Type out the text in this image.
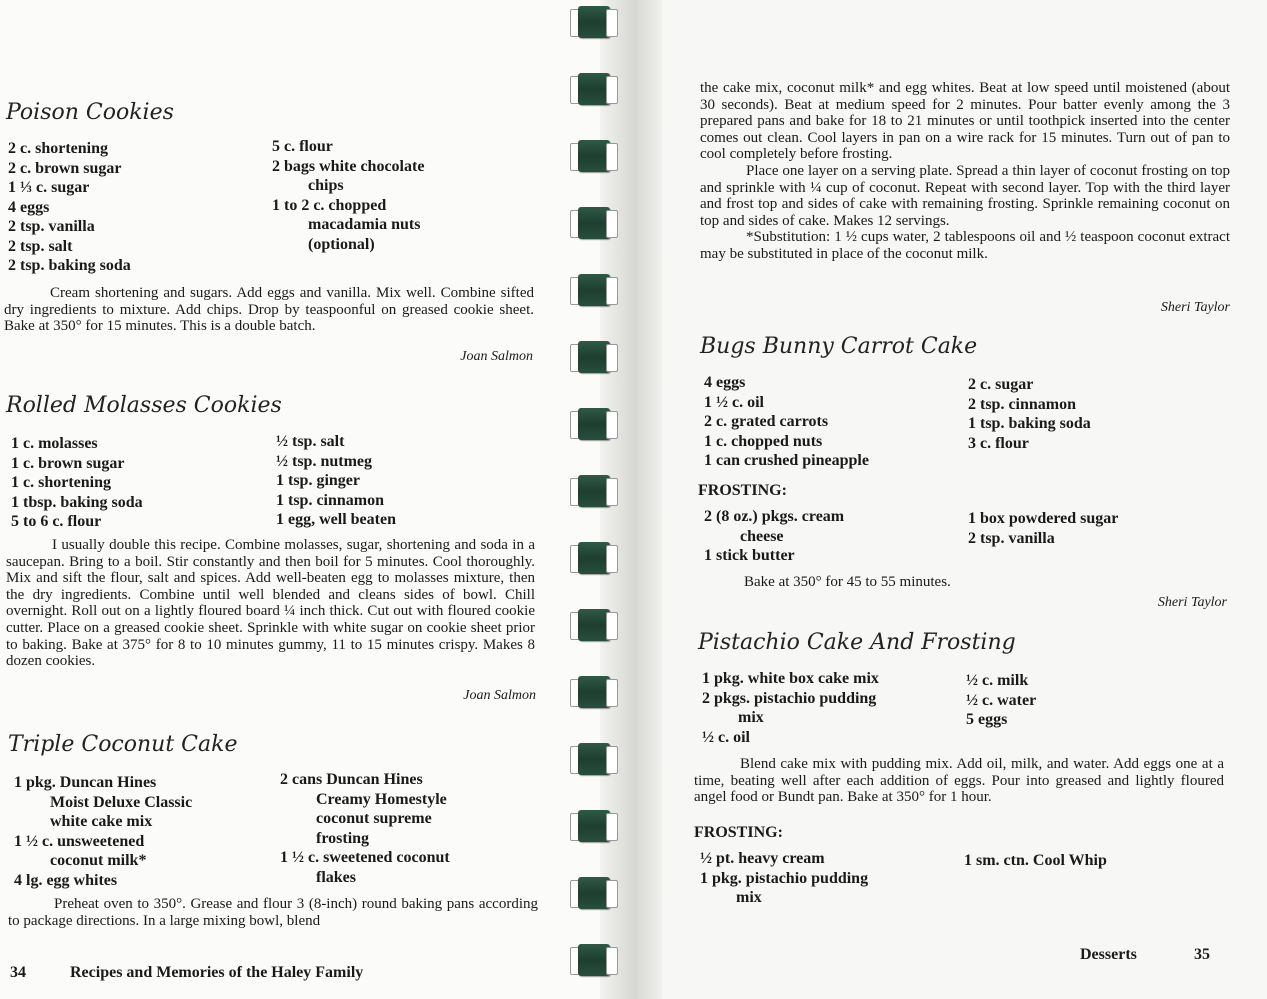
Poison Cookies
2 c. shortening
2 c. brown sugar
1 ⅓ c. sugar
4 eggs
2 tsp. vanilla
2 tsp. salt
2 tsp. baking soda
5 c. flour
2 bags white chocolate
chips
1 to 2 c. chopped
macadamia nuts
(optional)

Cream shortening and sugars. Add eggs and vanilla. Mix well. Combine sifted dry ingredients to mixture. Add chips. Drop by teaspoonful on greased cookie sheet. Bake at 350° for 15 minutes. This is a double batch.

Joan Salmon
Rolled Molasses Cookies
1 c. molasses
1 c. brown sugar
1 c. shortening
1 tbsp. baking soda
5 to 6 c. flour
½ tsp. salt
½ tsp. nutmeg
1 tsp. ginger
1 tsp. cinnamon
1 egg, well beaten

I usually double this recipe. Combine molasses, sugar, shortening and soda in a saucepan. Bring to a boil. Stir constantly and then boil for 5 minutes. Cool thoroughly. Mix and sift the flour, salt and spices. Add well-beaten egg to molasses mixture, then the dry ingredients. Combine until well blended and cleans sides of bowl. Chill overnight. Roll out on a lightly floured board ¼ inch thick. Cut out with floured cookie cutter. Place on a greased cookie sheet. Sprinkle with white sugar on cookie sheet prior to baking. Bake at 375° for 8 to 10 minutes gummy, 11 to 15 minutes crispy. Makes 8 dozen cookies.

Joan Salmon
Triple Coconut Cake
1 pkg. Duncan Hines
Moist Deluxe Classic
white cake mix
1 ½ c. unsweetened
coconut milk*
4 lg. egg whites
2 cans Duncan Hines
Creamy Homestyle
coconut supreme
frosting
1 ½ c. sweetened coconut
flakes

Preheat oven to 350°. Grease and flour 3 (8-inch) round baking pans according to package directions. In a large mixing bowl, blend

34	Recipes and Memories of the Haley Family

the cake mix, coconut milk* and egg whites. Beat at low speed until moistened (about 30 seconds). Beat at medium speed for 2 minutes. Pour batter evenly among the 3 prepared pans and bake for 18 to 21 minutes or until toothpick inserted into the center comes out clean. Cool layers in pan on a wire rack for 15 minutes. Turn out of pan to cool completely before frosting.

Place one layer on a serving plate. Spread a thin layer of coconut frosting on top and sprinkle with ¼ cup of coconut. Repeat with second layer. Top with the third layer and frost top and sides of cake with remaining frosting. Sprinkle remaining coconut on top and sides of cake. Makes 12 servings.

*Substitution: 1 ½ cups water, 2 tablespoons oil and ½ teaspoon coconut extract may be substituted in place of the coconut milk.

Sheri Taylor
Bugs Bunny Carrot Cake
4 eggs
1 ½ c. oil
2 c. grated carrots
1 c. chopped nuts
1 can crushed pineapple
2 c. sugar
2 tsp. cinnamon
1 tsp. baking soda
3 c. flour
FROSTING:
2 (8 oz.) pkgs. cream
cheese
1 stick butter
1 box powdered sugar
2 tsp. vanilla

Bake at 350° for 45 to 55 minutes.

Sheri Taylor
Pistachio Cake And Frosting
1 pkg. white box cake mix
2 pkgs. pistachio pudding
mix
½ c. oil
½ c. milk
½ c. water
5 eggs

Blend cake mix with pudding mix. Add oil, milk, and water. Add eggs one at a time, beating well after each addition of eggs. Pour into greased and lightly floured angel food or Bundt pan. Bake at 350° for 1 hour.

FROSTING:
½ pt. heavy cream
1 pkg. pistachio pudding
mix
1 sm. ctn. Cool Whip
Desserts	35
